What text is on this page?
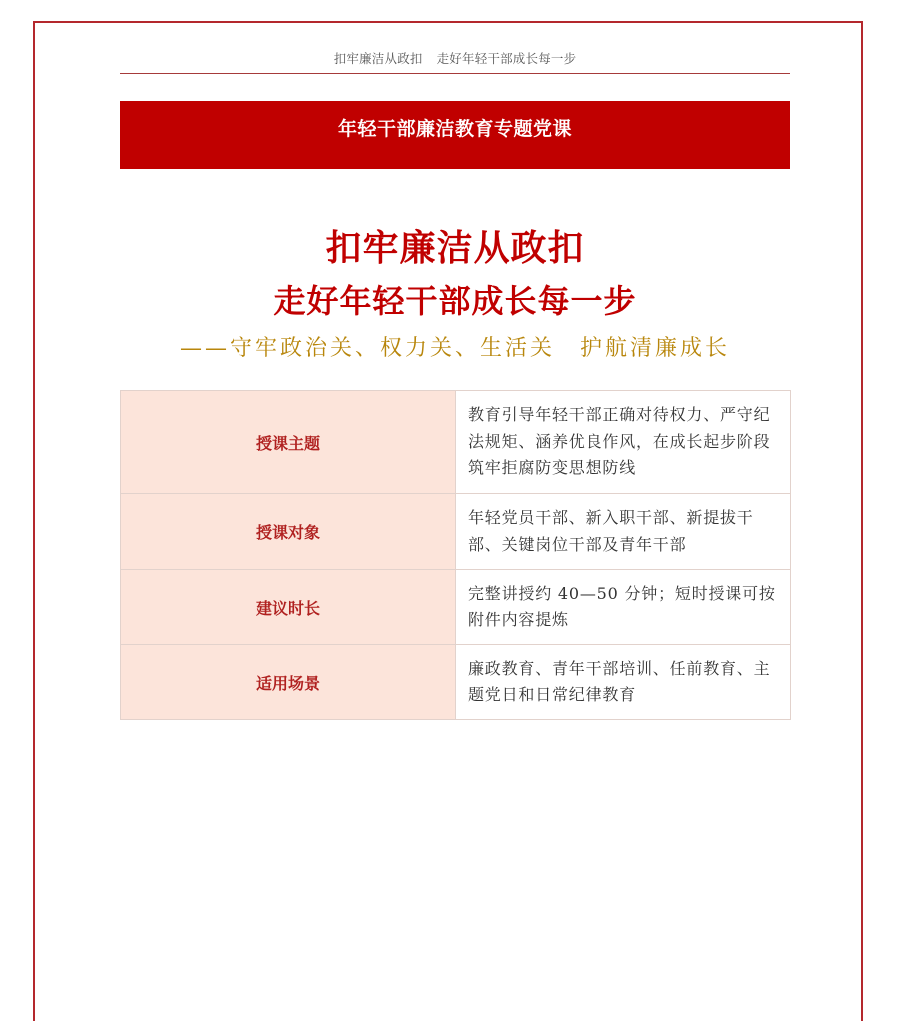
扣牢廉洁从政扣 走好年轻干部成长每一步
年轻干部廉洁教育专题党课
扣牢廉洁从政扣
走好年轻干部成长每一步
——守牢政治关、权力关、生活关　护航清廉成长
授课主题	教育引导年轻干部正确对待权力、严守纪法规矩、涵养优良作风，在成长起步阶段筑牢拒腐防变思想防线
授课对象	年轻党员干部、新入职干部、新提拔干部、关键岗位干部及青年干部
建议时长	完整讲授约 40—50 分钟；短时授课可按附件内容提炼
适用场景	廉政教育、青年干部培训、任前教育、主题党日和日常纪律教育
